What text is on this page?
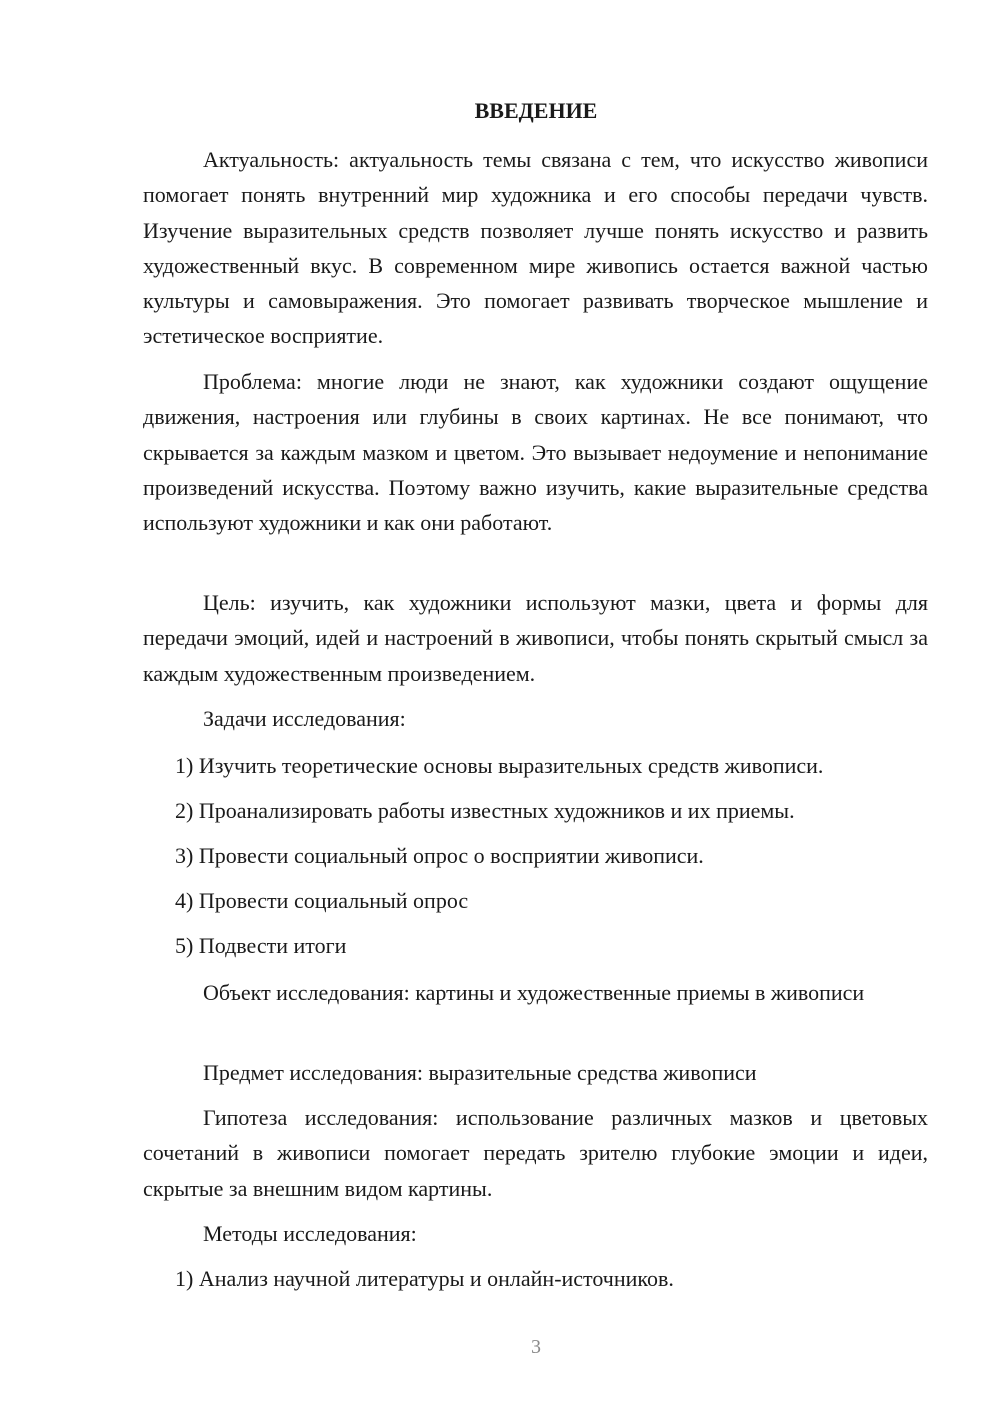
ВВЕДЕНИЕ

Актуальность: актуальность темы связана с тем, что искусство живописи помогает понять внутренний мир художника и его способы передачи чувств. Изучение выразительных средств позволяет лучше понять искусство и развить художественный вкус. В современном мире живопись остается важной частью культуры и самовыражения. Это помогает развивать творческое мышление и эстетическое восприятие.

Проблема: многие люди не знают, как художники создают ощущение движения, настроения или глубины в своих картинах. Не все понимают, что скрывается за каждым мазком и цветом. Это вызывает недоумение и непонимание произведений искусства. Поэтому важно изучить, какие выразительные средства используют художники и как они работают.

Цель: изучить, как художники используют мазки, цвета и формы для передачи эмоций, идей и настроений в живописи, чтобы понять скрытый смысл за каждым художественным произведением.

Задачи исследования:

1) Изучить теоретические основы выразительных средств живописи.

2) Проанализировать работы известных художников и их приемы.

3) Провести социальный опрос о восприятии живописи.

4) Провести социальный опрос

5) Подвести итоги

Объект исследования: картины и художественные приемы в живописи

Предмет исследования: выразительные средства живописи

Гипотеза исследования: использование различных мазков и цветовых сочетаний в живописи помогает передать зрителю глубокие эмоции и идеи, скрытые за внешним видом картины.

Методы исследования:

1) Анализ научной литературы и онлайн-источников.

3
